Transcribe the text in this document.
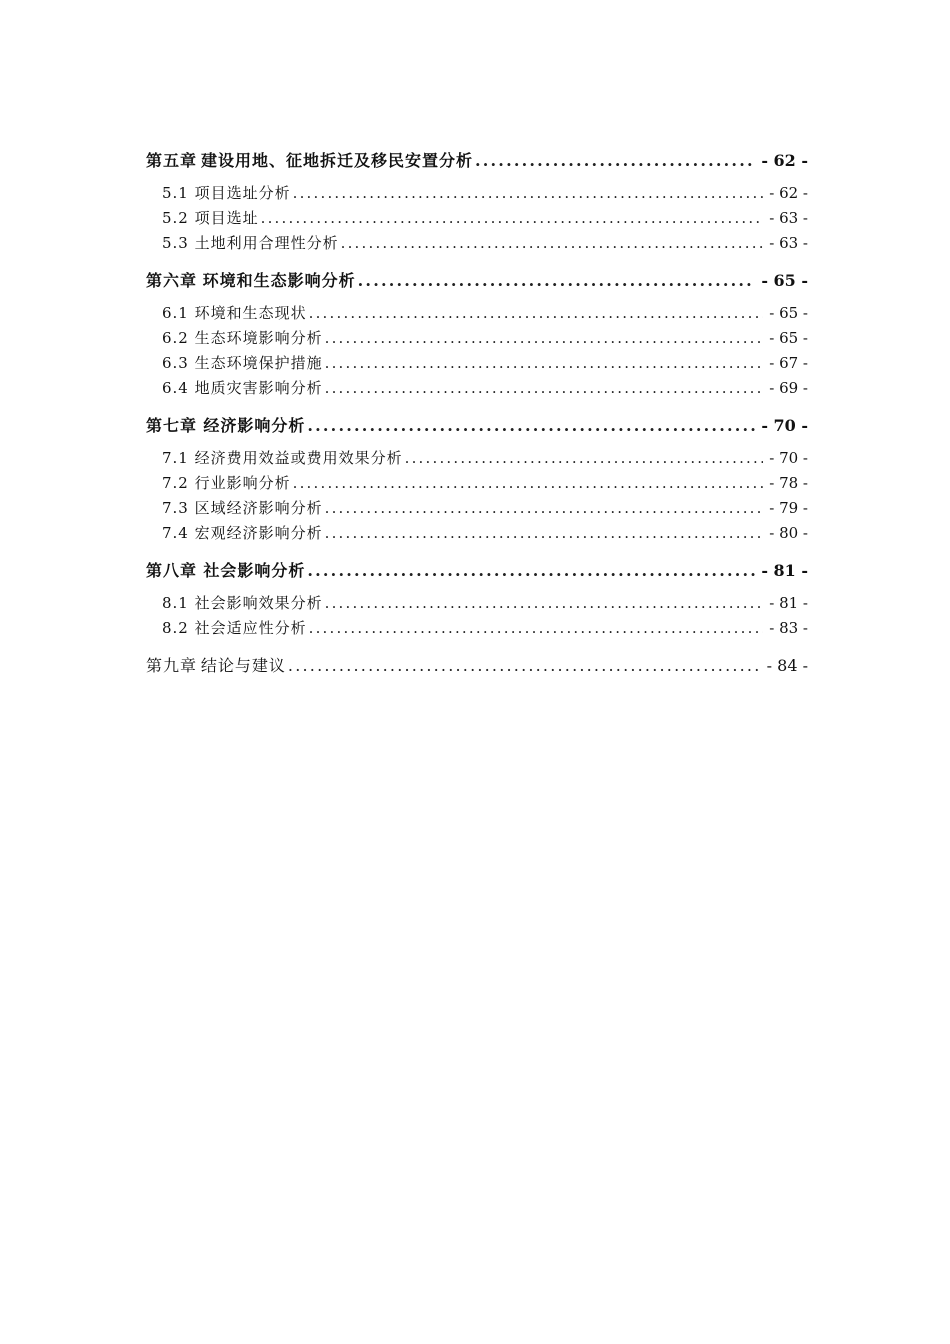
第五章 建设用地、征地拆迁及移民安置分析 .....	- 62 -
5.1 项目选址分析 .....	- 62 -
5.2 项目选址 .....	- 63 -
5.3 土地利用合理性分析 .....	- 63 -
第六章 环境和生态影响分析 .....	- 65 -
6.1 环境和生态现状 .....	- 65 -
6.2 生态环境影响分析 .....	- 65 -
6.3 生态环境保护措施 .....	- 67 -
6.4 地质灾害影响分析 .....	- 69 -
第七章 经济影响分析 .....	- 70 -
7.1 经济费用效益或费用效果分析 .....	- 70 -
7.2 行业影响分析 .....	- 78 -
7.3 区域经济影响分析 .....	- 79 -
7.4 宏观经济影响分析 .....	- 80 -
第八章 社会影响分析 .....	- 81 -
8.1 社会影响效果分析 .....	- 81 -
8.2 社会适应性分析 .....	- 83 -
第九章 结论与建议 .....	- 84 -
